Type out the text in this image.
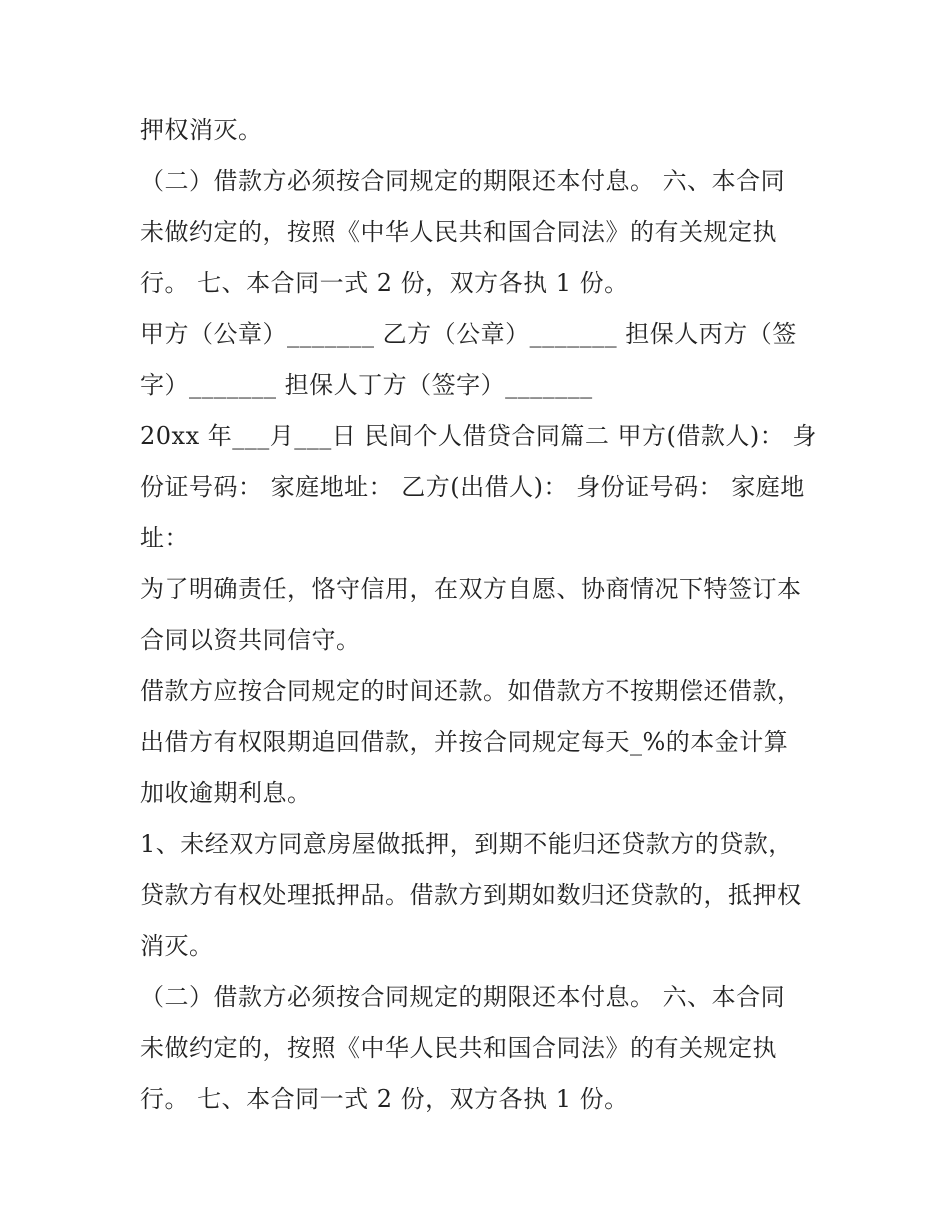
押权消灭。
（二）借款方必须按合同规定的期限还本付息。 六、本合同
未做约定的，按照《中华人民共和国合同法》的有关规定执
行。 七、本合同一式 2 份，双方各执 1 份。
甲方（公章）_______ 乙方（公章）_______ 担保人丙方（签
字）_______ 担保人丁方（签字）_______
20xx 年___月___日 民间个人借贷合同篇二 甲方(借款人)： 身
份证号码： 家庭地址： 乙方(出借人)： 身份证号码： 家庭地
址：
为了明确责任，恪守信用，在双方自愿、协商情况下特签订本
合同以资共同信守。
借款方应按合同规定的时间还款。如借款方不按期偿还借款，
出借方有权限期追回借款，并按合同规定每天_%的本金计算
加收逾期利息。
1、未经双方同意房屋做抵押，到期不能归还贷款方的贷款，
贷款方有权处理抵押品。借款方到期如数归还贷款的，抵押权
消灭。
（二）借款方必须按合同规定的期限还本付息。 六、本合同
未做约定的，按照《中华人民共和国合同法》的有关规定执
行。 七、本合同一式 2 份，双方各执 1 份。
